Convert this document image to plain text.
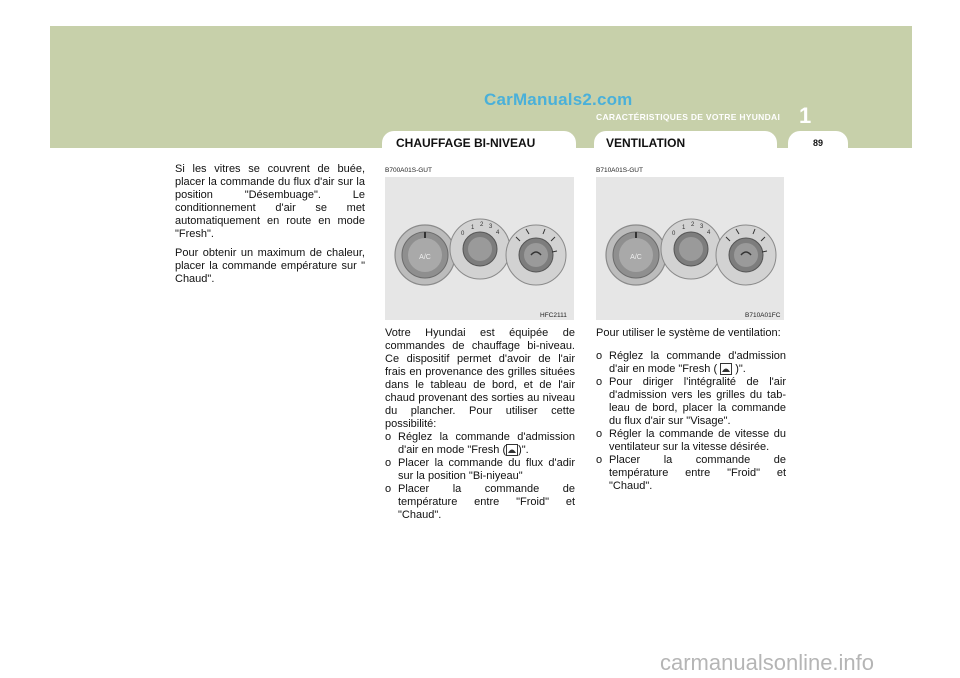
CarManuals2.com
CARACTÉRISTIQUES DE VOTRE HYUNDAI 1
CHAUFFAGE BI-NIVEAU	VENTILATION	89

Si les vitres se couvrent de buée, placer la commande du flux d'air sur la position "Désembuage". Le conditionnement d'air se met automatiquement en route en mode "Fresh".

Pour obtenir un maximum de chaleur, placer la commande empérature sur " Chaud".

B700A01S-GUT
A/C
0
1 2 3
4
HFC2111

Votre Hyundai est équipée de commandes de chauffage bi-niveau. Ce dispositif permet d'avoir de l'air frais en provenance des grilles situées dans le tableau de bord, et de l'air chaud provenant des sorties au niveau du plancher. Pour utiliser cette possibilité:

o Réglez la commande d'admission d'air en mode "Fresh ( )".
o Placer la commande du flux d'adir sur la position "Bi-niyeau"
o Placer la commande de température entre "Froid" et "Chaud".
B710A01S-GUT
A/C
0
1 2 3
4
B710A01FC

Pour utiliser le système de ventilation:

o Réglez la commande d'admission d'air en mode "Fresh (
)".
o Pour diriger l'intégralité de l'air d'admission vers les grilles du tab- leau de bord, placer la commande du flux d'air sur "Visage".
o Régler la commande de vitesse du ventilateur sur la vitesse désirée.
o Placer la commande de température entre "Froid" et "Chaud".
carmanualsonline.info
